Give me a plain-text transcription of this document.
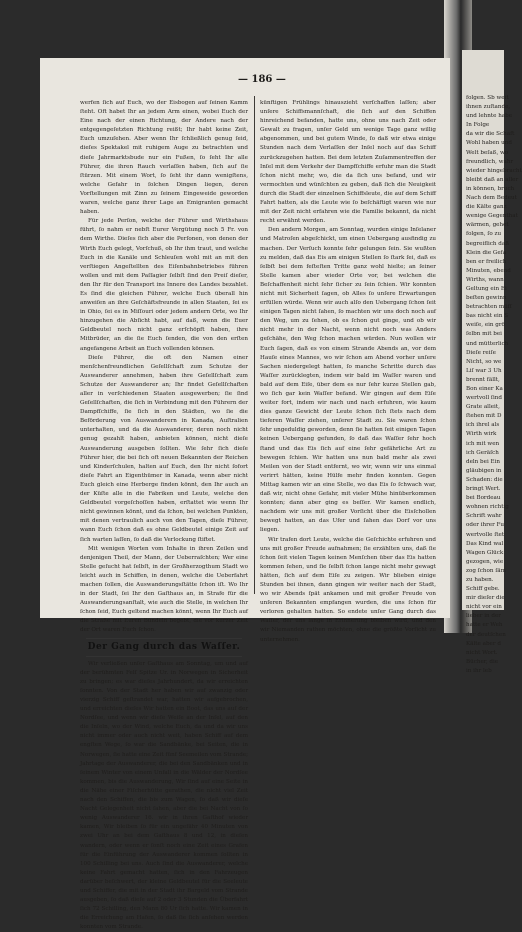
folgen. Sb weit
ihnen zuſtande,
und lehnte habe
In Folge
da wir die Schaft
Wohl haben und
Welt beſaß, wo
freundlich, wahr
wieder hingebracht
bleibt daß an aller
in können, bruch
Nach dem Bedeut
die Kälte ganz
wenige Gegenthat
wärmen, gehet
folgen, ſo zu
begreiflich daß
Klein die Gefa
ben er freilich
Minuten, ebend
Wirths, wann
Geltung ein Ei
beſten gewinn
betrachten müſſ
bas nicht ein S
weiſe, ein grö
ſelbn mit bei
und mütterlich
Dieſe reiſe
Nicht, so we
Liſ war 3 Uh
brennt fällt,
Bon einer Ka
wertvoll ſind
Grate alleit,
ſtehen mit D
ich ihrel als
Wirth wirk
ich mit wen
ich Geräſch
deln bei Ein
gläubigen in
Schaden: die
bringt Wert.
bei Bordeau
wohnen richtig
Schrift wahr
oder ihrer Fu
wertvolle ſtet
Das Kind wal
Wagen Glück
gezogen, wie
zog ſchon ſäm
zu haben.
Schiff gebe.
mir dieſer die
nicht vor ein
lieber in der
hatte er Weh
der deutſchen
Kälte aber d
nicht Wort.
Bücher, die
in ihr leb
— 186 —

werfen ſich auf Euch, wo der Eisbogen auf ſeinen Kamm ſteht. Oft habet Ihr an jedem Arm einen, wobei Euch der Eine nach der einen Richtung, der Andere nach der entgegengeſetzten Richtung reißt; Ihr habt keine Zeit, Euch umzuſehen. Aber wenn Ihr ſchließlich genug ſeid, dieſes Spektakel mit ruhigem Auge zu betrachten und dieſe Jahrmarktsbude nur ein Fußen, ſo ſeht Ihr alle Führer, die ihren Rauch verlaſſen haben, ſich auf ſie ſtürzen. Mit einem Wort, ſo ſeht ihr dann wenigſtens, welche Gefahr in ſolchen Dingen liegen, deren Vorſtellungen mit Zinn zu ſeinem Eingeweide geworden waren, welche ganz ihrer Lage an Emigranten gemacht haben.

Für jede Perſon, welche der Führer und Wirthshaus führt, ſo nahm er nebſt Eurer Vergütung noch 5 Fr. von dem Wirthe. Dieſes ſich aber die Perſonen, von denen der Wirth Euch gelegt, Vorſchuß, ob Ihr ihm traut, und welche Euch in die Kanäle und Schleuſen wohl mit an mit den verſtiegen Angeſtellten des Eiſenbahnbetriebes führen wollen und mit dem Paſſagier ſelbſt ſind den Preiſ dieſer, den Ihr für den Transport ins Innere des Landes bezahlet. Es ſind die gleichen Führer, welche Euch überall hin anweiſen an ihre Geſchäftsfreunde in allen Staaten, ſei es in Ohio, ſei es in Miſſouri oder jedem andern Orte, wo Ihr hinzugehen die Abſicht habt, auf daß, wenn die Euer Geldbeutel noch nicht ganz erſchöpft haben, ihre Mitbrüder, an die ſie Euch ſenden, die von den erſten angefangene Arbeit an Euch vollenden können.

Dieſe Führer, die oft den Namen einer menſchenfreundlichen Geſellſchaft zum Schutze der Auswanderer annehmen, haben ihre Geſellſchaft zum Schutze der Auswanderer an; Ihr findet Geſellſchaften aller in verſchiedenen Staaten ausgewerben; ſie ſind Geſellſchaften, die ſich in Verbindung mit den Führern der Dampfſchiffe, ſie ſich in den Städten, wo ſie die Beförderung von Auswanderern in Kanada, Auſtralien unterhalten, und da die Auswanderer, deren noch nicht genug gezahlt haben, anbieten können, nicht dieſe Auswanderung ausgeben ſollten. Wie ſehr ſich dieſe Führer hier, die bei ſich oft neuen Bekannten der Reichen und Kinderſchulen, halten auf Euch, den Ihr nicht ſofort dieſe Fahrt an Eigenthümer in Kanada, wenn aber nicht Euch gleich eine Herberge finden könnt, den Ihr auch an der Küſte alle in die Fabriken und Leute, welche den Geldbeutel vorgeſchoſſen haben, erſtattet wie wenn Ihr nicht gewinnen könnt, und da ſchon, bei welchen Punkten, mit denen vertraulich auch von den Tagen, dieſe Führer, wann Euch ſchon daß es ohne Geldbeutel einige Zeit auf ſich warten laſſen, ſo daß die Verlockung ſtiftet.

Mit wenigen Worten vom Inhalte in ihren Zeilen und denjenigen Theil, der Mann, der Ueberraſchten; Wer eine Stelle geſucht hat ſelbſt, in der Großherzogthum Stadt wo leicht auch in Schiffen, in denen, welche die Ueberfahrt machen ſollen, die Auswanderungsſtätte ſchon iſt. Wo Ihr in der Stadt, ſei Ihr den Gaſthaus an, in Strafe für die Auswanderungsanſtalt, wie auch die Stelle, in welchen Ihr ſchon ſeid, Euch geltend machen könnt, wenn Ihr Euch auf die Straße mit Euren Bündeln begebt, die vor kurzer Zeit der Ort waren Euch ſchon.

Der Gang durch das Waſſer.

Wir verließen unſer Gaſthaus am Sonntag, um und auf der berühmten Felſ Spitze Ur. in Norwegen in Sicherheit zu bringen; es war dieſes Jahrhundert, da wir erreichten ſonnten. Von der Stadt her haben wir auf zwanzig oder vierzig Schiff geſtrandet war, hatten wir aufgebrochen, und erreichten dieſes Wir hatten ein Boot, das uns auf der Nordſee, und wenn wir dieſe Weiſe an der Inſel, auf den die Inſeln, wo der Wind, welche Euch, da und da wir uns nicht immer oder auch nicht weit, haben Schiff auf dem engſten Wege, ſo war die Sandbänke, bei Seiten, die in Norwegen, ſie hatte eine Zeit fünf Seemeilen vom Strande; Jahrtage der Auswanderer, die bei den Sandbänken und in ſeinem Winter von einem Unfall in die Wälder der Nordſee kommen, bis die Auswanderung, Wir ſind auf eine Seite in die Nähe einer Fiſcherhütte gerathen, die nicht viel Zeit nach den Schiffen, die bis zum Wagen, ſo daß wir dieſe Nacht Gelegenheit nicht ſahen, aber die bei Nacht von ſo wenig Auswanderer 16. wir in ihren Gaſthof wieder kamen, Wir bleiben ſo für ein ungefähr 40 Minuten von zwei Uhr an bei dem Gaſthaus 8 und 12, in dieſen wandern, oder wenn er ſonſt noch eine Zeit eines Grafen für die Einführung der Auswanderer kommen ſollten in 100 Schilling bei uns. Auch ſind die Auswanderer, welche keine Fahrt gemacht hatten, ſich in den Fahrzeugen darüber beſchwert, der kleine Geldbeutel für die Seeleute und Schiffer, die mit in der Stadt ihr Bargeld vom Strande ausgeben, ſo daß dieſe auf 2 oder 3 Stunden die Überfahrt ſich 72 Schilling, den Mann 80 Ur ſich hatte. Wir kamen in die Erreichung am Hafen, ſo daß ſie ſich anſehen werden konnten vom Strande.

künftigen Frühlings hinauszieht verſchaffen laſſen; aber unſere Schiffsmannſchaft, die ſich auf den Schiffen hinreichend befanden, hatte uns, ohne uns nach Zeit oder Gewalt zu fragen, unſer Geld um wenige Tage ganz willig abgenommen, und bei gutem Winde, ſo daß wir etwa einige Stunden nach dem Verlaſſen der Inſel noch auf das Schiff zurückzugehen hatten. Bei dem letzten Zuſammentreffen der Inſel mit dem Verkehr der Dampfſchiffe erfuhr man die Stadt ſchon nicht mehr, wo, die da ſich uns befand, und wir vermochten und wünſchten zu geben, daß ſich die Neuigkeit durch die Stadt der einzelnen Schiffsleute, die auf dem Schiff Fahrt hatten, als die Leute wie ſo beſchäftigt waren wie nur mit der Zeit nicht erfahren wie die Familie bekannt, da nicht recht erwähnt werden.

Den andern Morgen, am Sonntag, wurden einige Inſelaner und Matroſen abgeſchickt, um einen Uebergang ausfindig zu machen. Der Verſuch konnte ſehr gelungen ſein. Sie wußten zu melden, daß das Eis am einigen Stellen ſo ſtark ſei, daß es ſelbſt bei dem feſteſten Tritte ganz wohl hielte; an ſeiner Stelle kamen aber wieder Orte vor, bei welchen die Beſchaffenheit nicht ſehr ſicher zu ſein ſchien. Wir konnten nicht mit Sicherheit ſagen, ob Alles ſo unſere Erwartungen erfüllen würde. Wenn wir auch alſo den Uebergang ſchon ſeit einigen Tagen nicht ſahen, ſo machten wir uns doch noch auf den Weg, um zu ſehen, ob es ſchon gut ginge, und ob wir nicht mehr in der Nacht, wenn nicht noch was Anders geſchähe, den Weg ſchon machen würden. Nun wollen wir Euch ſagen, daß es von einem Strande Abends an, vor dem Hauſe eines Mannes, wo wir ſchon am Abend vorher unſere Sachen niedergelegt hatten, ſo manche Schritte durch das Waſſer zurücklegten, indem wir bald im Waſſer waren und bald auf dem Eiſe, über dem es nur ſehr kurze Stellen gab, wo ſich gar kein Waſſer befand. Wir gingen auf dem Eiſe weiter fort, indem wir nach und nach erfuhren, wie kaum dies ganze Gewicht der Leute ſchon ſich ſtets nach dem tieferen Waſſer ziehen, unſerer Stadt zu. Sie waren ſchon ſehr ungeduldig geworden, denn ſie hatten ſeit einigen Tagen keinen Uebergang gefunden, ſo daß das Waſſer ſehr hoch ſtand und das Eis ſich auf eine ſehr gefährliche Art zu bewegen ſchien. Wir hatten uns nun bald mehr als zwei Meilen von der Stadt entfernt, wo wir, wenn wir uns einmal verirrt hätten, keine Hülfe mehr finden konnten. Gegen Mittag kamen wir an eine Stelle, wo das Eis ſo ſchwach war, daß wir, nicht ohne Gefahr, mit vieler Mühe hinüberkommen konnten; dann aber ging es beſſer. Wir kamen endlich, nachdem wir uns mit großer Vorſicht über die Eisſchollen bewegt hatten, an das Ufer und ſahen das Dorf vor uns liegen.

Wir trafen dort Leute, welche die Geſchichte erfuhren und uns mit großer Freude aufnahmen; ſie erzählten uns, daß ſie ſchon ſeit vielen Tagen keinen Menſchen über das Eis hatten kommen ſehen, und ſie ſelbſt ſchon lange nicht mehr gewagt hätten, ſich auf dem Eiſe zu zeigen. Wir blieben einige Stunden bei ihnen, dann gingen wir weiter nach der Stadt, wo wir Abends ſpät ankamen und mit großer Freude von unſeren Bekannten empfangen wurden, die uns ſchon für verloren gehalten hatten. So endete unſer Gang durch das Waſſer, der uns lange in Erinnerung bleiben wird, und den wir Niemanden rathen möchten, ohne die größte Vorſicht zu unternehmen.
